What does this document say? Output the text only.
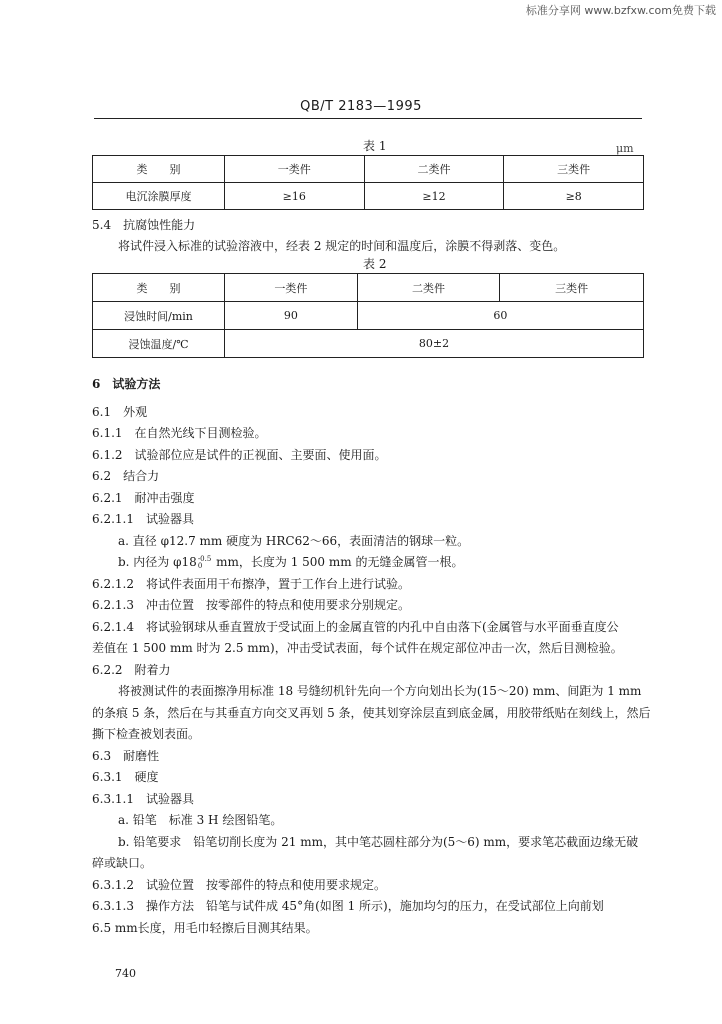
标准分享网 www.bzfxw.com免费下载
QB/T 2183—1995
表 1	μm
类　　别	一类件	二类件	三类件
电沉涂膜厚度	≥16	≥12	≥8
5.4　抗腐蚀性能力
将试件浸入标准的试验溶液中，经表 2 规定的时间和温度后，涂膜不得剥落、变色。
表 2
类　　别	一类件	二类件	三类件
浸蚀时间/min	90	60	
浸蚀温度/℃	80±2		
6　试验方法
6.1　外观
6.1.1　在自然光线下目测检验。
6.1.2　试验部位应是试件的正视面、主要面、使用面。
6.2　结合力
6.2.1　耐冲击强度
6.2.1.1　试验器具
a. 直径 φ12.7 mm 硬度为 HRC62～66，表面清洁的钢球一粒。
b. 内径为 φ18 -0.5
0 mm，长度为 1 500 mm 的无缝金属管一根。
6.2.1.2　将试件表面用干布擦净，置于工作台上进行试验。
6.2.1.3　冲击位置　按零部件的特点和使用要求分别规定。
6.2.1.4　将试验钢球从垂直置放于受试面上的金属直管的内孔中自由落下(金属管与水平面垂直度公
差值在 1 500 mm 时为 2.5 mm)，冲击受试表面，每个试件在规定部位冲击一次，然后目测检验。
6.2.2　附着力
将被测试件的表面擦净用标准 18 号缝纫机针先向一个方向划出长为(15～20) mm、间距为 1 mm
的条痕 5 条，然后在与其垂直方向交叉再划 5 条，使其划穿涂层直到底金属，用胶带纸贴在刻线上，然后
撕下检查被划表面。
6.3　耐磨性
6.3.1　硬度
6.3.1.1　试验器具
a. 铅笔　标准 3 H 绘图铅笔。
b. 铅笔要求　铅笔切削长度为 21 mm，其中笔芯圆柱部分为(5～6) mm，要求笔芯截面边缘无破
碎或缺口。
6.3.1.2　试验位置　按零部件的特点和使用要求规定。
6.3.1.3　操作方法　铅笔与试件成 45°角(如图 1 所示)，施加均匀的压力，在受试部位上向前划
6.5 mm长度，用毛巾轻擦后目测其结果。
740
